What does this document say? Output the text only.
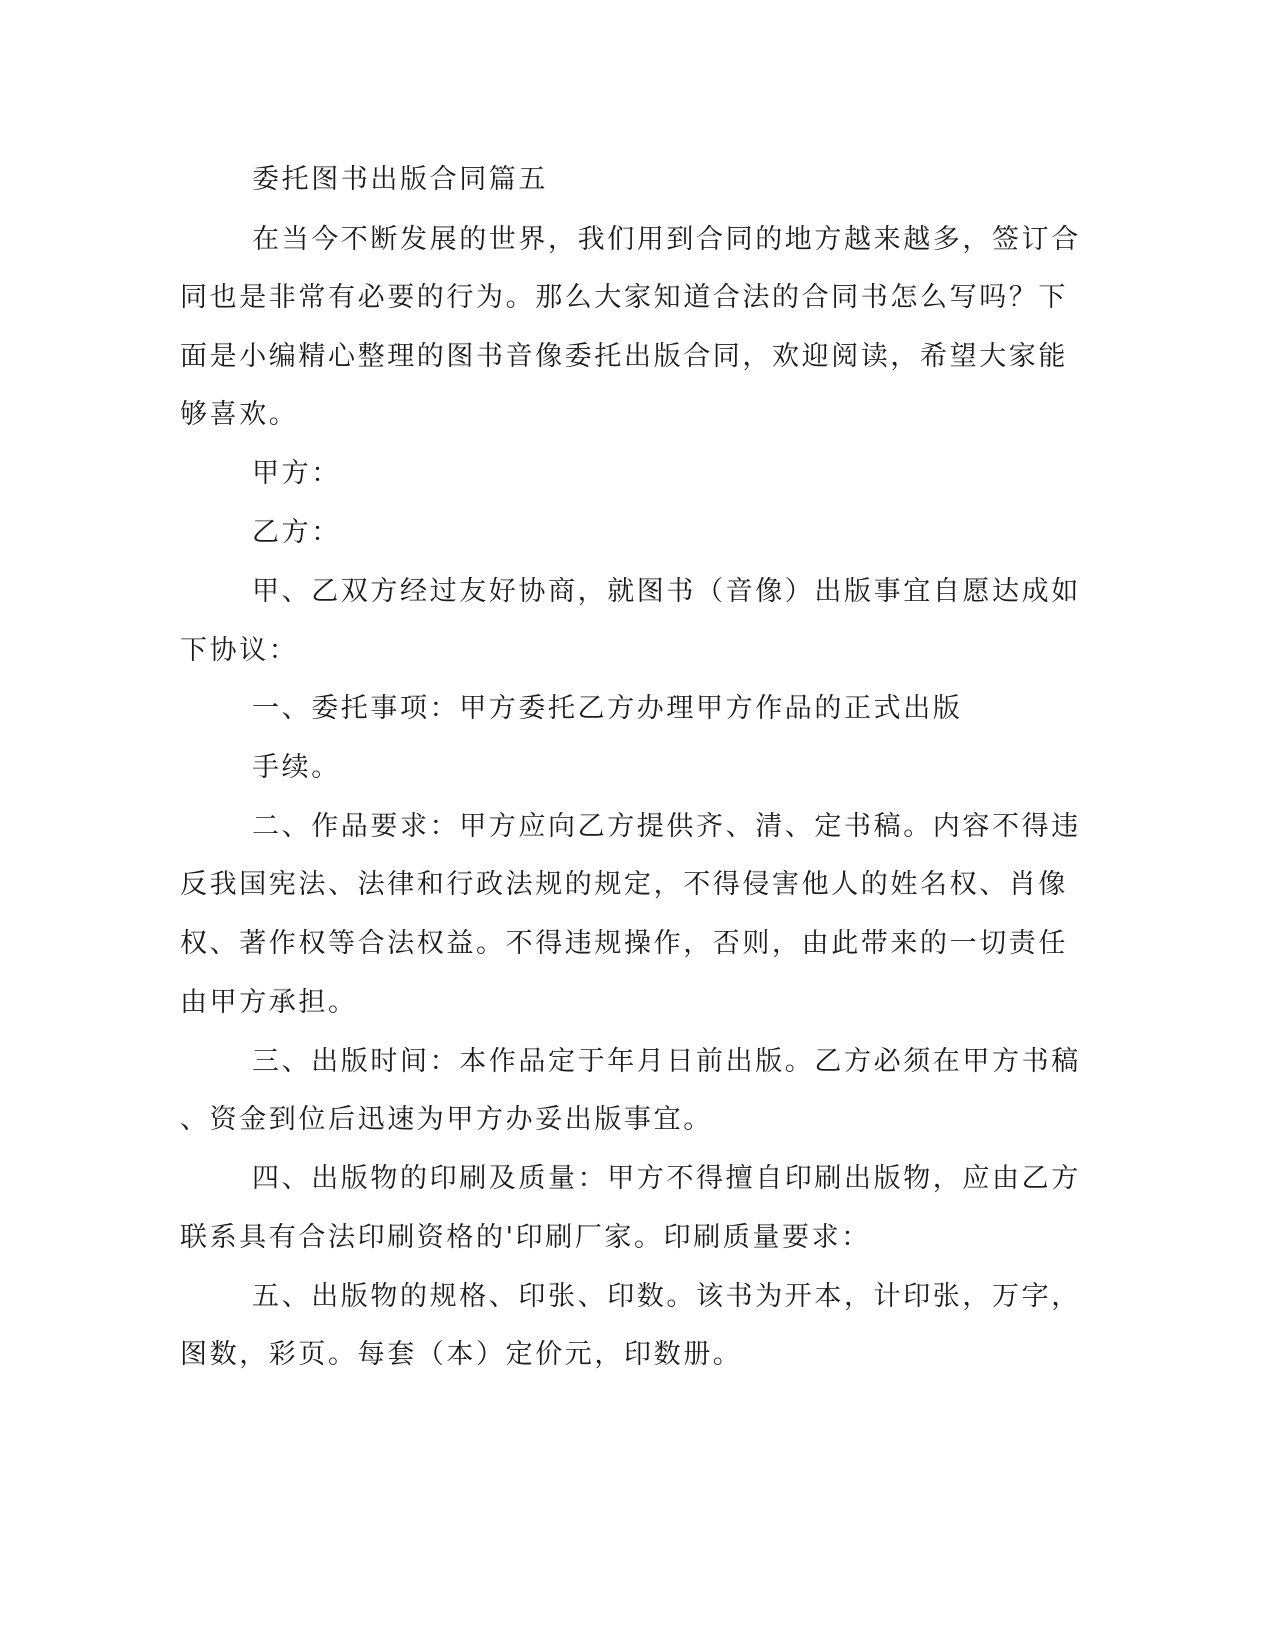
委托图书出版合同篇五
在当今不断发展的世界，我们用到合同的地方越来越多，签订合
同也是非常有必要的行为。那么大家知道合法的合同书怎么写吗？下
面是小编精心整理的图书音像委托出版合同，欢迎阅读，希望大家能
够喜欢。
甲方：
乙方：
甲、乙双方经过友好协商，就图书（音像）出版事宜自愿达成如
下协议：
一、委托事项：甲方委托乙方办理甲方作品的正式出版
手续。
二、作品要求：甲方应向乙方提供齐、清、定书稿。内容不得违
反我国宪法、法律和行政法规的规定，不得侵害他人的姓名权、肖像
权、著作权等合法权益。不得违规操作，否则，由此带来的一切责任
由甲方承担。
三、出版时间：本作品定于年月日前出版。乙方必须在甲方书稿
、资金到位后迅速为甲方办妥出版事宜。
四、出版物的印刷及质量：甲方不得擅自印刷出版物，应由乙方
联系具有合法印刷资格的'印刷厂家。印刷质量要求：
五、出版物的规格、印张、印数。该书为开本，计印张，万字，
图数，彩页。每套（本）定价元，印数册。
